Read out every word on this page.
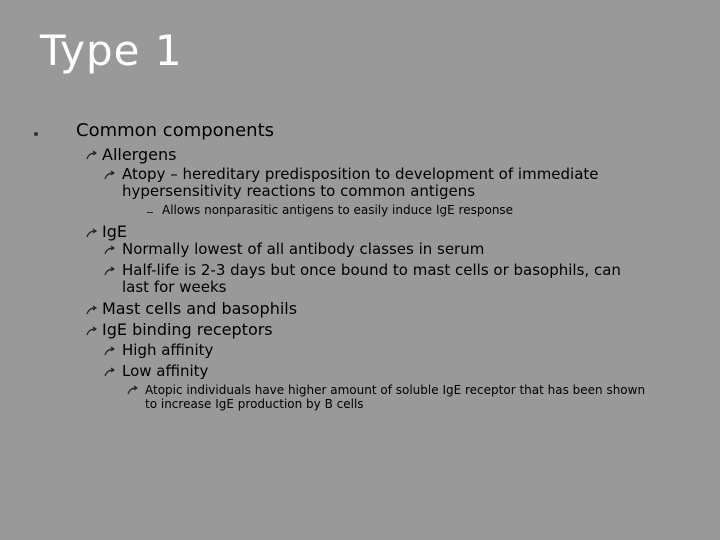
Type 1
Common components
Allergens
Atopy – hereditary predisposition to development of immediate
hypersensitivity reactions to common antigens
Allows nonparasitic antigens to easily induce IgE response
IgE
Normally lowest of all antibody classes in serum
Half-life is 2-3 days but once bound to mast cells or basophils, can
last for weeks
Mast cells and basophils
IgE binding receptors
High affinity
Low affinity
Atopic individuals have higher amount of soluble IgE receptor that has been shown
to increase IgE production by B cells
